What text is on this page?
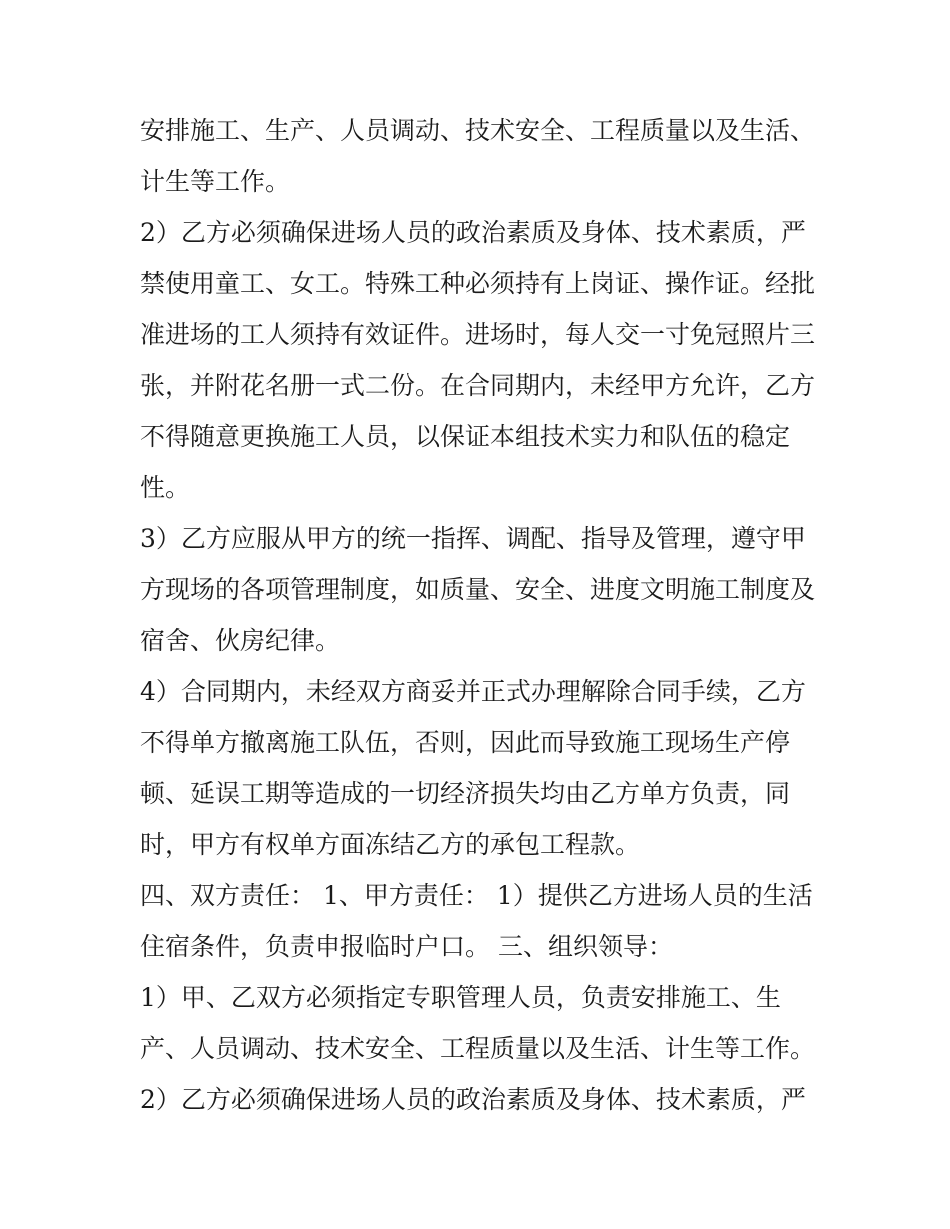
安排施工、生产、人员调动、技术安全、工程质量以及生活、
计生等工作。
2）乙方必须确保进场人员的政治素质及身体、技术素质，严
禁使用童工、女工。特殊工种必须持有上岗证、操作证。经批
准进场的工人须持有效证件。进场时，每人交一寸免冠照片三
张，并附花名册一式二份。在合同期内，未经甲方允许，乙方
不得随意更换施工人员，以保证本组技术实力和队伍的稳定
性。
3）乙方应服从甲方的统一指挥、调配、指导及管理，遵守甲
方现场的各项管理制度，如质量、安全、进度文明施工制度及
宿舍、伙房纪律。
4）合同期内，未经双方商妥并正式办理解除合同手续，乙方
不得单方撤离施工队伍，否则，因此而导致施工现场生产停
顿、延误工期等造成的一切经济损失均由乙方单方负责，同
时，甲方有权单方面冻结乙方的承包工程款。
四、双方责任： 1、甲方责任： 1）提供乙方进场人员的生活
住宿条件，负责申报临时户口。 三、组织领导：
1）甲、乙双方必须指定专职管理人员，负责安排施工、生
产、人员调动、技术安全、工程质量以及生活、计生等工作。
2）乙方必须确保进场人员的政治素质及身体、技术素质，严
